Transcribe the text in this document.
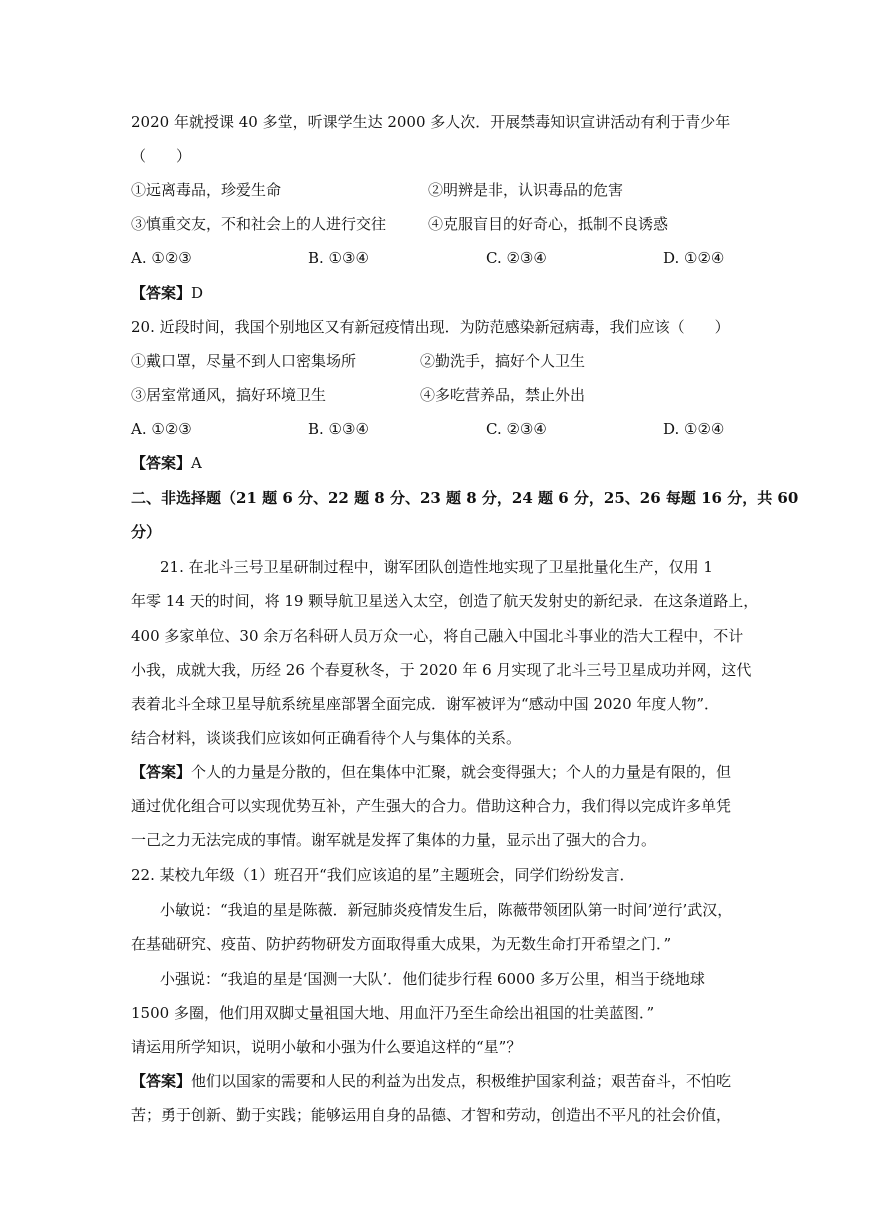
2020 年就授课 40 多堂，听课学生达 2000 多人次．开展禁毒知识宣讲活动有利于青少年
（　　）
①远离毒品，珍爱生命	②明辨是非，认识毒品的危害
③慎重交友，不和社会上的人进行交往	④克服盲目的好奇心，抵制不良诱惑
A. ①②③	B. ①③④	C. ②③④	D. ①②④
【答案】D
20. 近段时间，我国个别地区又有新冠疫情出现．为防范感染新冠病毒，我们应该（　　）
①戴口罩，尽量不到人口密集场所	②勤洗手，搞好个人卫生
③居室常通风，搞好环境卫生	④多吃营养品，禁止外出
A. ①②③	B. ①③④	C. ②③④	D. ①②④
【答案】A
二、非选择题（21 题 6 分、22 题 8 分、23 题 8 分，24 题 6 分，25、26 每题 16 分，共 60
分）
21. 在北斗三号卫星研制过程中，谢军团队创造性地实现了卫星批量化生产，仅用 1
年零 14 天的时间，将 19 颗导航卫星送入太空，创造了航天发射史的新纪录．在这条道路上，
400 多家单位、30 余万名科研人员万众一心，将自己融入中国北斗事业的浩大工程中，不计
小我，成就大我，历经 26 个春夏秋冬，于 2020 年 6 月实现了北斗三号卫星成功并网，这代
表着北斗全球卫星导航系统星座部署全面完成．谢军被评为“感动中国 2020 年度人物”．
结合材料，谈谈我们应该如何正确看待个人与集体的关系。
【答案】个人的力量是分散的，但在集体中汇聚，就会变得强大；个人的力量是有限的，但
通过优化组合可以实现优势互补，产生强大的合力。借助这种合力，我们得以完成许多单凭
一己之力无法完成的事情。谢军就是发挥了集体的力量，显示出了强大的合力。
22. 某校九年级（1）班召开“我们应该追的星”主题班会，同学们纷纷发言．
小敏说：“我追的星是陈薇．新冠肺炎疫情发生后，陈薇带领团队第一时间’逆行’武汉，
在基础研究、疫苗、防护药物研发方面取得重大成果，为无数生命打开希望之门．”
小强说：“我追的星是‘国测一大队’．他们徒步行程 6000 多万公里，相当于绕地球
1500 多圈，他们用双脚丈量祖国大地、用血汗乃至生命绘出祖国的壮美蓝图．”
请运用所学知识，说明小敏和小强为什么要追这样的“星”？
【答案】他们以国家的需要和人民的利益为出发点，积极维护国家利益；艰苦奋斗，不怕吃
苦；勇于创新、勤于实践；能够运用自身的品德、才智和劳动，创造出不平凡的社会价值，
